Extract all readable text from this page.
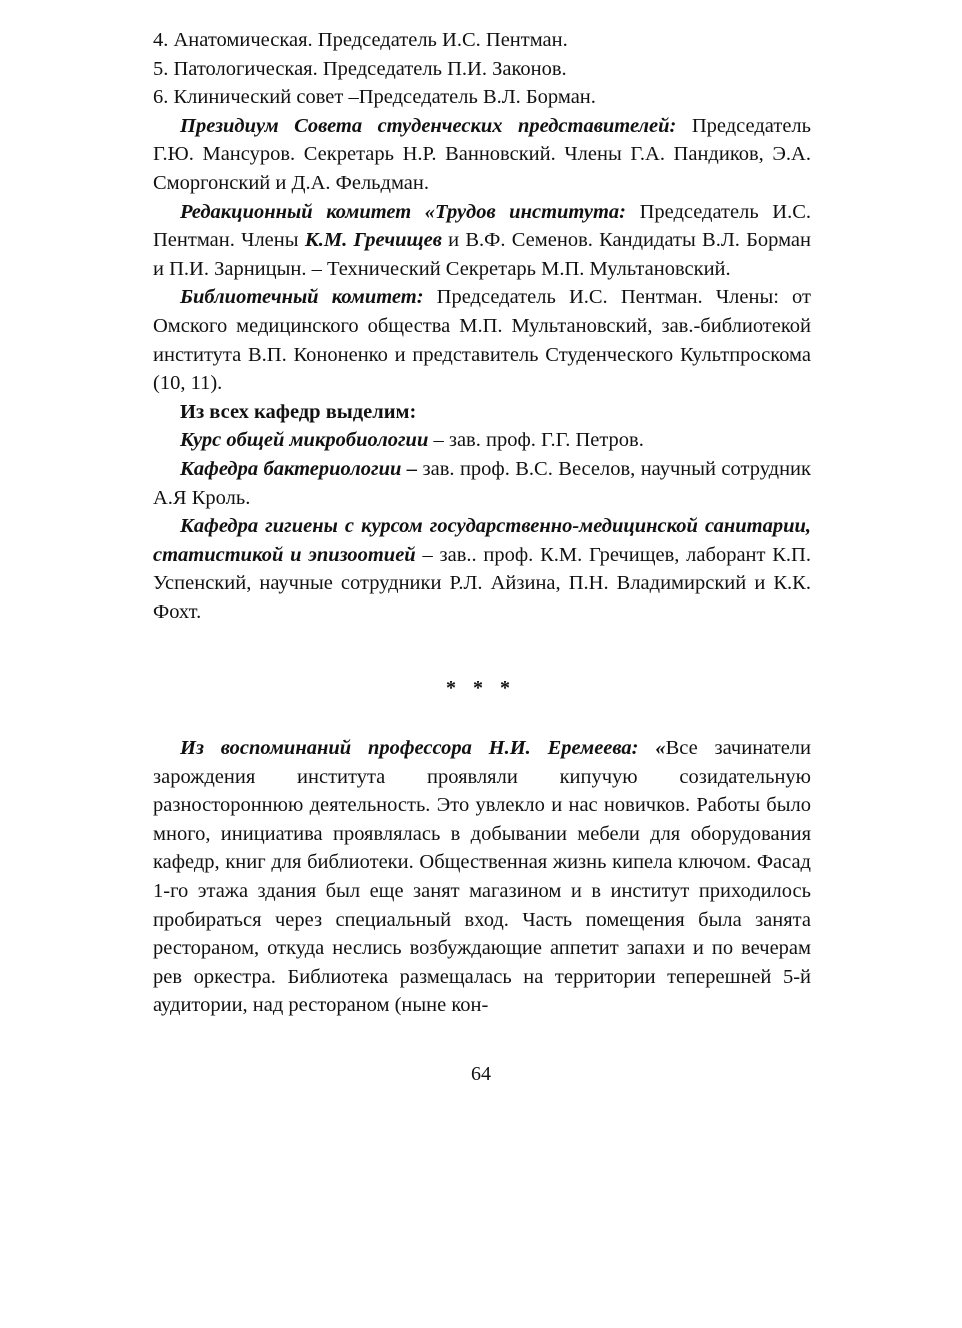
4. Анатомическая. Председатель И.С. Пентман.

5. Патологическая. Председатель П.И. Законов.

6. Клинический совет –Председатель В.Л. Борман.

Президиум Совета студенческих представителей: Председатель Г.Ю. Мансуров. Секретарь Н.Р. Ванновский. Члены Г.А. Пандиков, Э.А. Сморгонский и Д.А. Фельдман.

Редакционный комитет «Трудов института: Председатель И.С. Пентман. Члены К.М. Гречищев и В.Ф. Семенов. Кандидаты В.Л. Борман и П.И. Зарницын. – Технический Секретарь М.П. Мультановский.

Библиотечный комитет: Председатель И.С. Пентман. Члены: от Омского медицинского общества М.П. Мультановский, зав.-библиотекой института В.П. Кононенко и представитель Студенческого Культпроскома (10, 11).

Из всех кафедр выделим:

Курс общей микробиологии – зав. проф. Г.Г. Петров.

Кафедра бактериологии – зав. проф. В.С. Веселов, научный сотрудник А.Я Кроль.

Кафедра гигиены с курсом государственно-медицинской санитарии, статистикой и эпизоотией – зав.. проф. К.М. Гречищев, лаборант К.П. Успенский, научные сотрудники Р.Л. Айзина, П.Н. Владимирский и К.К. Фохт.

* * *

Из воспоминаний профессора Н.И. Еремеева: «Все зачинатели зарождения института проявляли кипучую созидательную разностороннюю деятельность. Это увлекло и нас новичков. Работы было много, инициатива проявлялась в добывании мебели для оборудования кафедр, книг для библиотеки. Общественная жизнь кипела ключом. Фасад 1-го этажа здания был еще занят магазином и в институт приходилось пробираться через специальный вход. Часть помещения была занята рестораном, откуда неслись возбуждающие аппетит запахи и по вечерам рев оркестра. Библиотека размещалась на территории теперешней 5-й аудитории, над рестораном (ныне кон-

64
